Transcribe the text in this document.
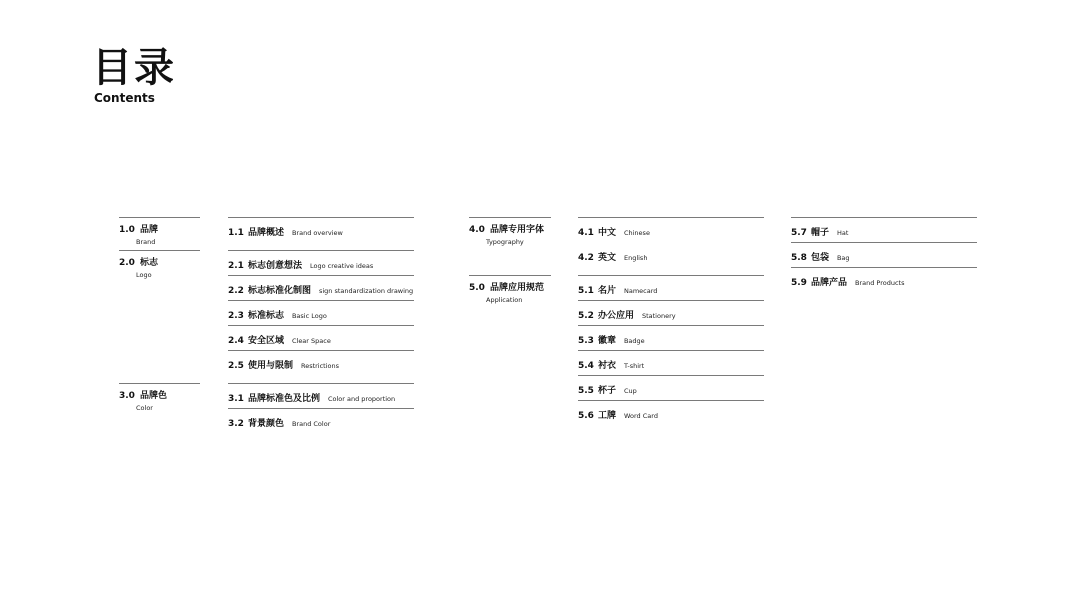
目录
Contents
1.0 品牌
Brand
2.0 标志
Logo
3.0 品牌色
Color
4.0 品牌专用字体
Typography
5.0 品牌应用规范
Application
1.1 品牌概述 Brand overview
2.1 标志创意想法 Logo creative ideas
2.2 标志标准化制图 sign standardization drawing
2.3 标准标志 Basic Logo
2.4 安全区域 Clear Space
2.5 使用与限制 Restrictions
3.1 品牌标准色及比例 Color and proportion
3.2 背景颜色 Brand Color
4.1 中文 Chinese
4.2 英文 English
5.1 名片 Namecard
5.2 办公应用 Stationery
5.3 徽章 Badge
5.4 衬衣 T-shirt
5.5 杯子 Cup
5.6 工牌 Word Card
5.7 帽子 Hat
5.8 包袋 Bag
5.9 品牌产品 Brand Products
